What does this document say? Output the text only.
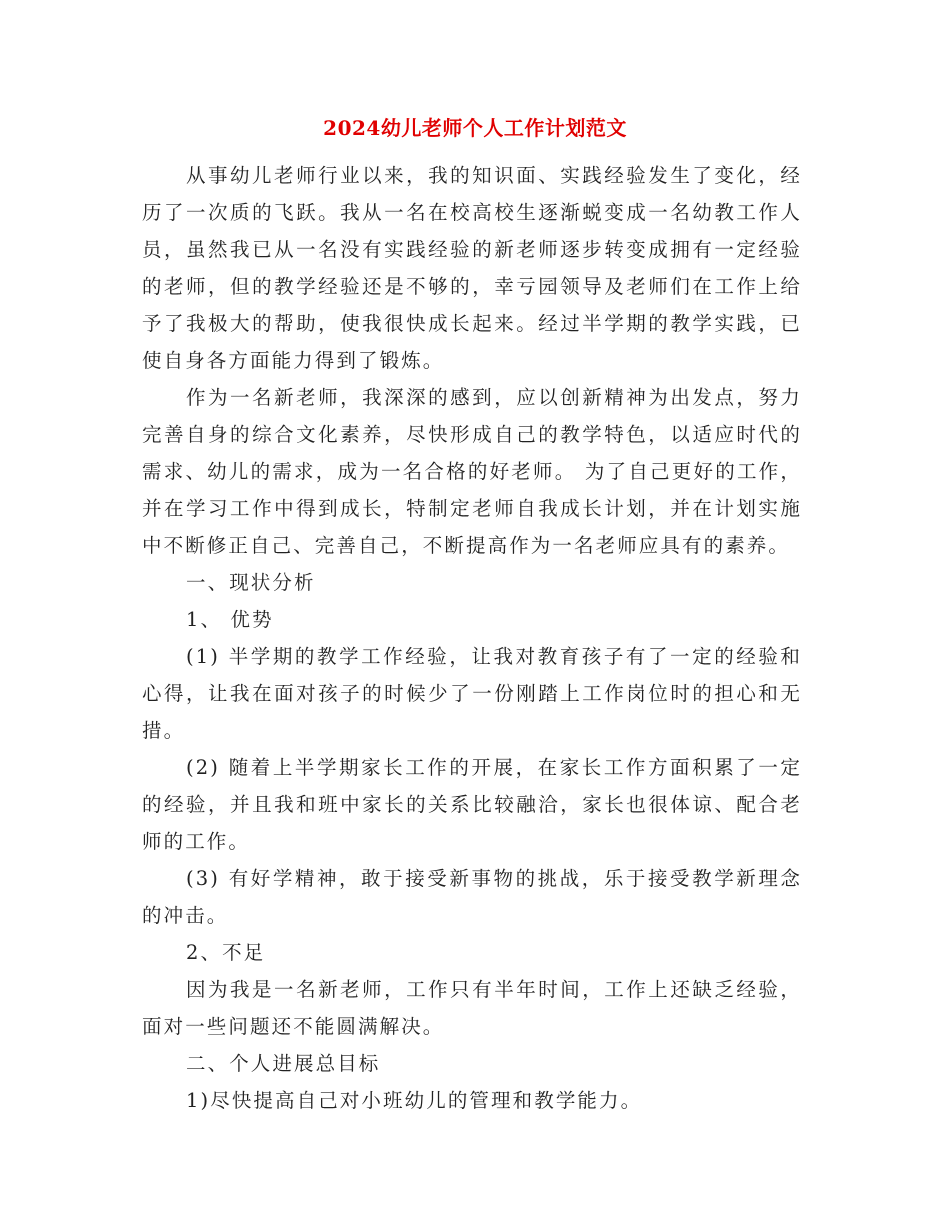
2024幼儿老师个人工作计划范文

从事幼儿老师行业以来，我的知识面、实践经验发生了变化，经历了一次质的飞跃。我从一名在校高校生逐渐蜕变成一名幼教工作人员，虽然我已从一名没有实践经验的新老师逐步转变成拥有一定经验的老师，但的教学经验还是不够的，幸亏园领导及老师们在工作上给予了我极大的帮助，使我很快成长起来。经过半学期的教学实践，已使自身各方面能力得到了锻炼。

作为一名新老师，我深深的感到，应以创新精神为出发点，努力完善自身的综合文化素养，尽快形成自己的教学特色，以适应时代的需求、幼儿的需求，成为一名合格的好老师。 为了自己更好的工作，并在学习工作中得到成长，特制定老师自我成长计划，并在计划实施中不断修正自己、完善自己，不断提高作为一名老师应具有的素养。

一、现状分析

1、 优势

(1) 半学期的教学工作经验，让我对教育孩子有了一定的经验和心得，让我在面对孩子的时候少了一份刚踏上工作岗位时的担心和无措。

(2) 随着上半学期家长工作的开展，在家长工作方面积累了一定的经验，并且我和班中家长的关系比较融洽，家长也很体谅、配合老师的工作。

(3) 有好学精神，敢于接受新事物的挑战，乐于接受教学新理念的冲击。

2、不足

因为我是一名新老师，工作只有半年时间，工作上还缺乏经验，面对一些问题还不能圆满解决。

二、个人进展总目标

1)尽快提高自己对小班幼儿的管理和教学能力。
